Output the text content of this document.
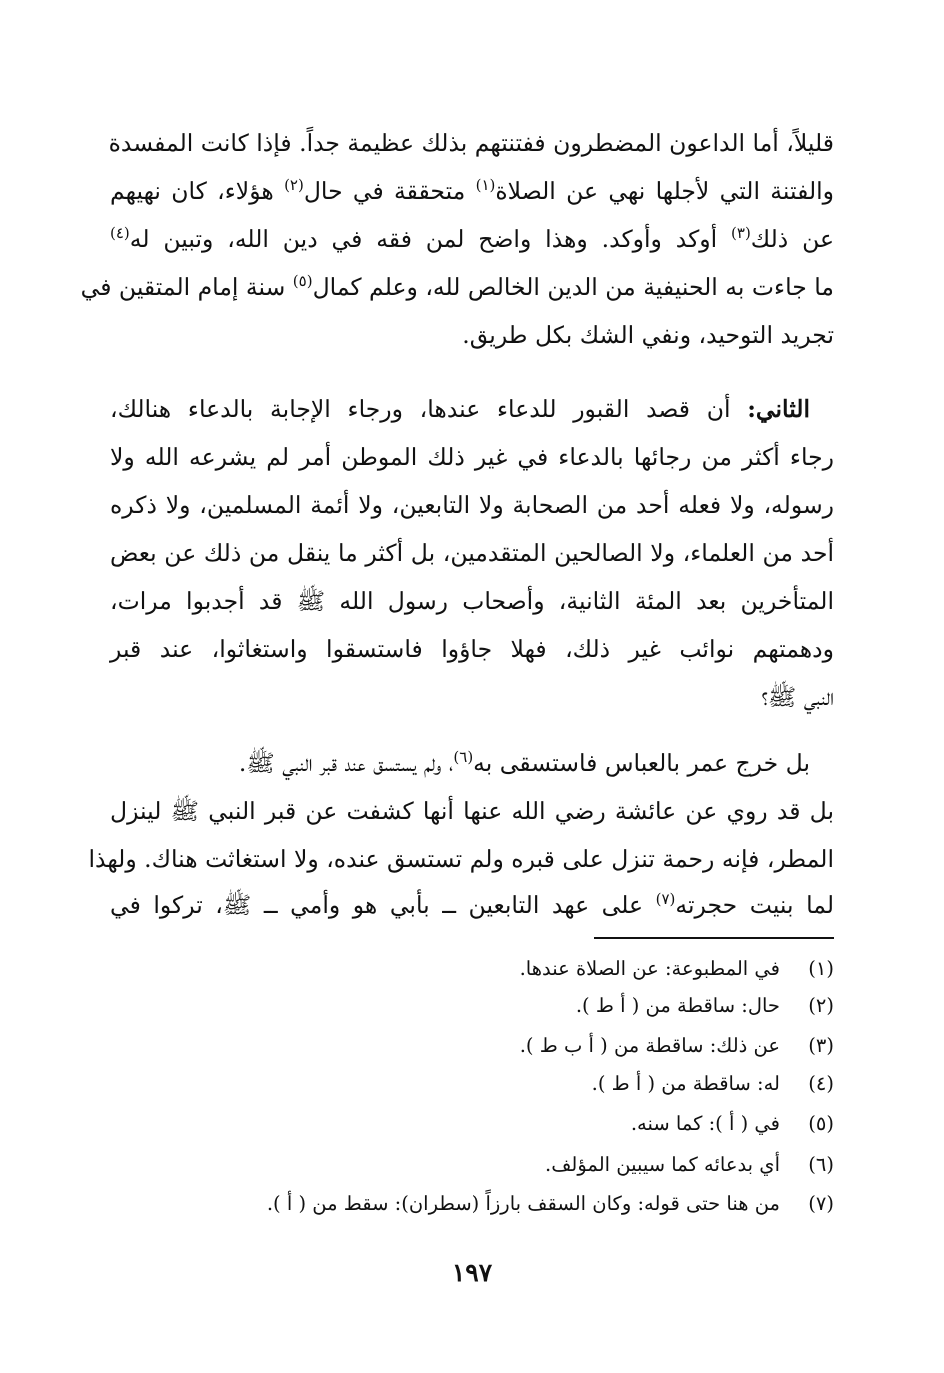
قليلاً، أما الداعون المضطرون ففتنتهم بذلك عظيمة جداً. فإذا كانت المفسدة
والفتنة التي لأجلها نهي عن الصلاة$^{(١)}$ متحققة في حال$^{(٢)}$ هؤلاء، كان نهيهم
عن ذلك$^{(٣)}$ أوكد وأوكد. وهذا واضح لمن فقه في دين الله، وتبين له$^{(٤)}$
ما جاءت به الحنيفية من الدين الخالص لله، وعلم كمال$^{(٥)}$ سنة إمام المتقين في
تجريد التوحيد، ونفي الشك بكل طريق.
الثاني: أن قصد القبور للدعاء عندها، ورجاء الإجابة بالدعاء هنالك،
رجاء أكثر من رجائها بالدعاء في غير ذلك الموطن أمر لم يشرعه الله ولا
رسوله، ولا فعله أحد من الصحابة ولا التابعين، ولا أئمة المسلمين، ولا ذكره
أحد من العلماء، ولا الصالحين المتقدمين، بل أكثر ما ينقل من ذلك عن بعض
المتأخرين بعد المئة الثانية، وأصحاب رسول الله ﷺ قد أجدبوا مرات،
ودهمتهم نوائب غير ذلك، فهلا جاؤوا فاستسقوا واستغاثوا، عند قبر
النبي ﷺ؟
بل خرج عمر بالعباس فاستسقى به$^{(٦)}$، ولم يستسق عند قبر النبي ﷺ.
بل قد روي عن عائشة رضي الله عنها أنها كشفت عن قبر النبي ﷺ لينزل
المطر، فإنه رحمة تنزل على قبره ولم تستسق عنده، ولا استغاثت هناك. ولهذا
لما بنيت حجرته$^{(٧)}$ على عهد التابعين ــ بأبي هو وأمي ــ ﷺ، تركوا في
(١)في المطبوعة: عن الصلاة عندها.
(٢)حال: ساقطة من ( أ ط ).
(٣)عن ذلك: ساقطة من ( أ ب ط ).
(٤)له: ساقطة من ( أ ط ).
(٥)في ( أ ): كما سنه.
(٦)أي بدعائه كما سيبين المؤلف.
(٧)من هنا حتى قوله: وكان السقف بارزاً (سطران): سقط من ( أ ).
١٩٧
